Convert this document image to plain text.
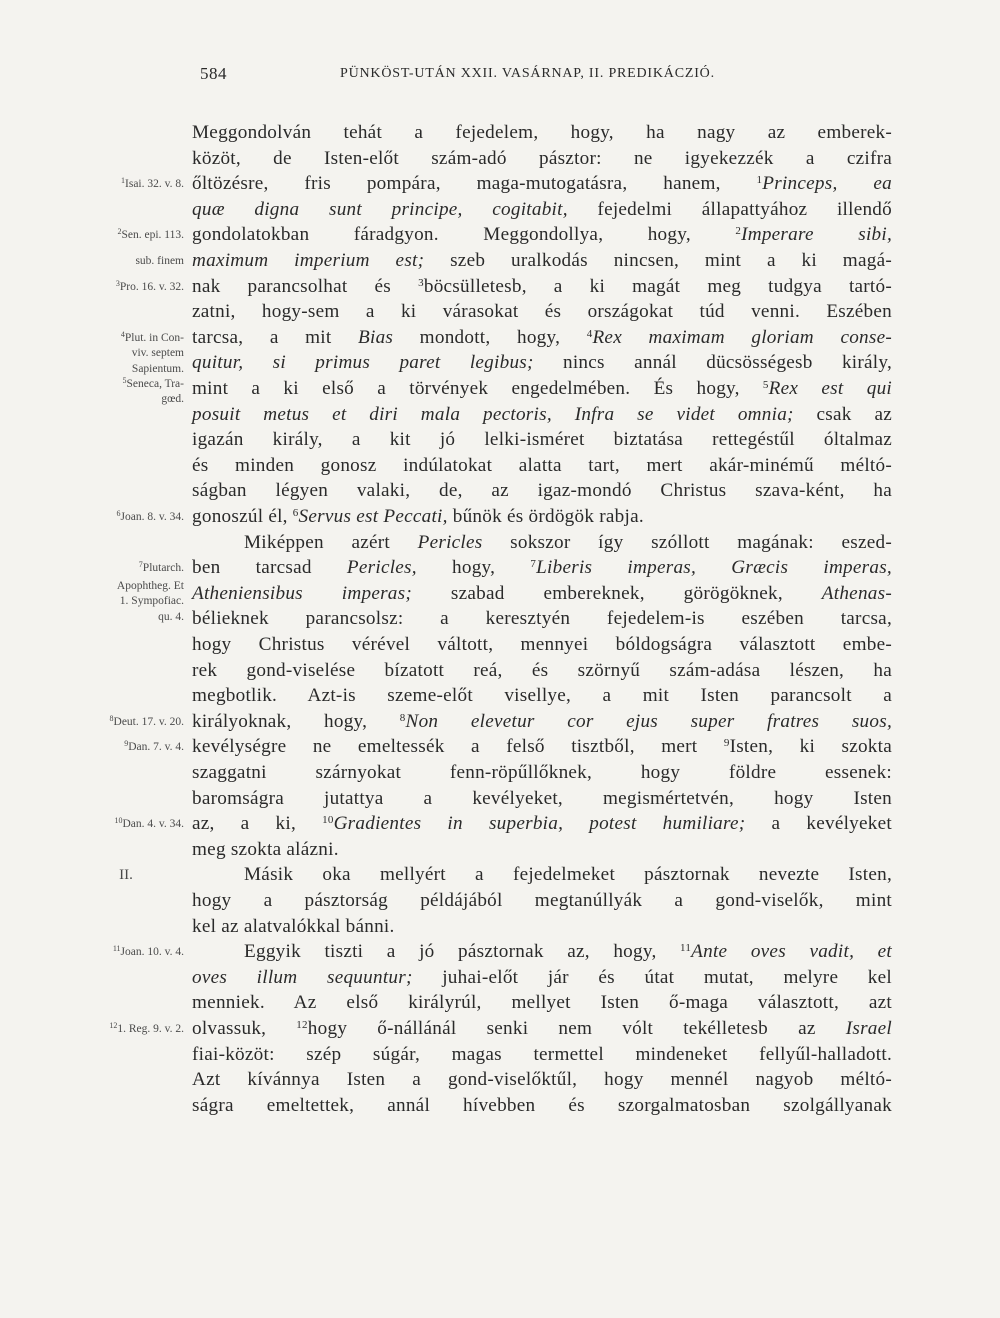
584	PÜNKÖST-UTÁN XXII. VASÁRNAP, II. PREDIKÁCZIÓ.
Meggondolván tehát a fejedelem, hogy, ha nagy az emberek-
közöt, de Isten-előt szám-adó pásztor: ne igyekezzék a czifra
őltözésre, fris pompára, maga-mutogatásra, hanem, $^1$Princeps, ea
quæ digna sunt principe, cogitabit, fejedelmi állapattyához illendő
gondolatokban fáradgyon. Meggondollya, hogy, $^2$Imperare sibi,
maximum imperium est; szeb uralkodás nincsen, mint a ki magá-
nak parancsolhat és $^3$böcsülletesb, a ki magát meg tudgya tartó-
zatni, hogy-sem a ki várasokat és országokat túd venni. Eszében
tarcsa, a mit Bias mondott, hogy, $^4$Rex maximam gloriam conse-
quitur, si primus paret legibus; nincs annál dücsösségesb király,
mint a ki első a törvények engedelmében. És hogy, $^5$Rex est qui
posuit metus et diri mala pectoris, Infra se videt omnia; csak az
igazán király, a kit jó lelki-isméret biztatása rettegéstűl óltalmaz
és minden gonosz indúlatokat alatta tart, mert akár-minémű méltó-
ságban légyen valaki, de, az igaz-mondó Christus szava-ként, ha
gonoszúl él, $^6$Servus est Peccati, bűnök és ördögök rabja.
Miképpen azért Pericles sokszor így szóllott magának: eszed-
ben tarcsad Pericles, hogy, $^7$Liberis imperas, Græcis imperas,
Atheniensibus imperas; szabad embereknek, görögöknek, Athenas-
bélieknek parancsolsz: a keresztyén fejedelem-is eszében tarcsa,
hogy Christus vérével váltott, mennyei bóldogságra választott embe-
rek gond-viselése bízatott reá, és szörnyű szám-adása lészen, ha
megbotlik. Azt-is szeme-előt visellye, a mit Isten parancsolt a
királyoknak, hogy, $^8$Non elevetur cor ejus super fratres suos,
kevélységre ne emeltessék a felső tisztből, mert $^9$Isten, ki szokta
szaggatni szárnyokat fenn-röpűllőknek, hogy földre essenek:
baromságra jutattya a kevélyeket, megismértetvén, hogy Isten
az, a ki, $^{10}$Gradientes in superbia, potest humiliare; a kevélyeket
meg szokta alázni.
Másik oka mellyért a fejedelmeket pásztornak nevezte Isten,
hogy a pásztorság példájából megtanúllyák a gond-viselők, mint
kel az alatvalókkal bánni.
Eggyik tiszti a jó pásztornak az, hogy, $^{11}$Ante oves vadit, et
oves illum sequuntur; juhai-előt jár és útat mutat, melyre kel
menniek. Az első királyrúl, mellyet Isten ő-maga választott, azt
olvassuk, $^{12}$hogy ő-nállánál senki nem vólt tekélletesb az Israel
fiai-közöt: szép súgár, magas termettel mindeneket fellyűl-halladott.
Azt kívánnya Isten a gond-viselőktűl, hogy mennél nagyob méltó-
ságra emeltettek, annál hívebben és szorgalmatosban szolgállyanak
$^1$Isai. 32. v. 8.
$^2$Sen. epi. 113.
sub. finem
$^3$Pro. 16. v. 32.
$^4$Plut. in Con-
viv. septem
Sapientum.
$^5$Seneca, Tra-
gœd.
$^6$Joan. 8. v. 34.
$^7$Plutarch.
Apophtheg. Et
1. Sympofiac.
qu. 4.
$^8$Deut. 17. v. 20.
$^9$Dan. 7. v. 4.
$^{10}$Dan. 4. v. 34.
II.
$^{11}$Joan. 10. v. 4.
$^{12}$1. Reg. 9. v. 2.
